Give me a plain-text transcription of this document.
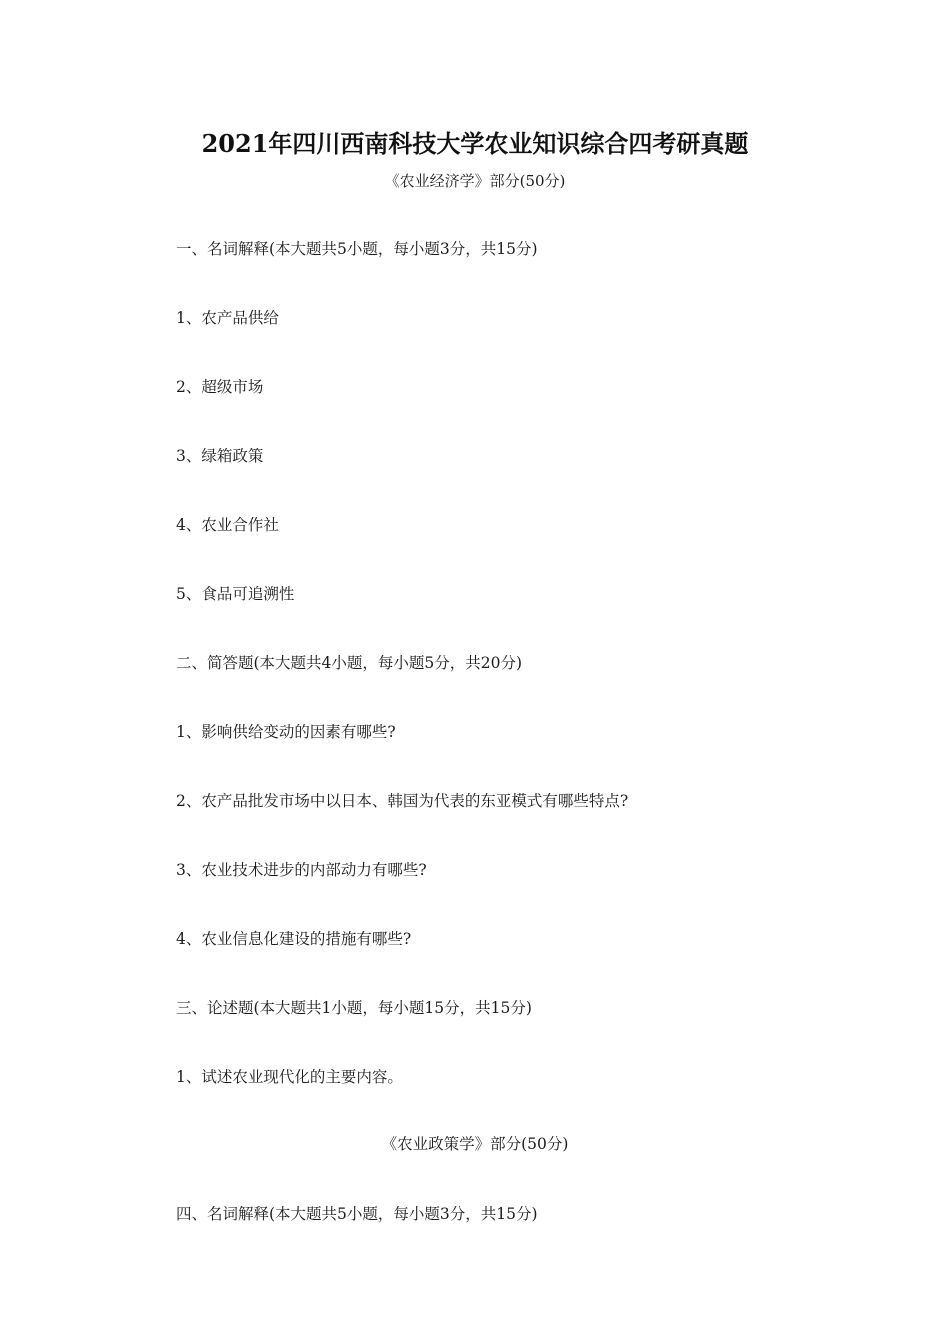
2021年四川西南科技大学农业知识综合四考研真题
《农业经济学》部分(50分)
一、名词解释(本大题共5小题，每小题3分，共15分)
1、农产品供给
2、超级市场
3、绿箱政策
4、农业合作社
5、食品可追溯性
二、简答题(本大题共4小题，每小题5分，共20分)
1、影响供给变动的因素有哪些?
2、农产品批发市场中以日本、韩国为代表的东亚模式有哪些特点?
3、农业技术进步的内部动力有哪些?
4、农业信息化建设的措施有哪些?
三、论述题(本大题共1小题，每小题15分，共15分)
1、试述农业现代化的主要内容。
《农业政策学》部分(50分)
四、名词解释(本大题共5小题，每小题3分，共15分)
